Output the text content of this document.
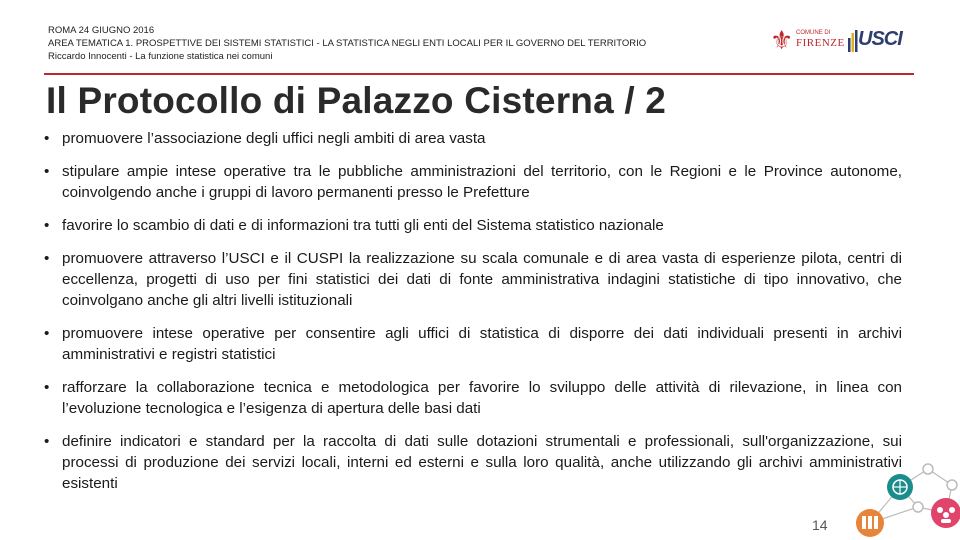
ROMA 24 GIUGNO 2016
AREA TEMATICA 1. PROSPETTIVE DEI SISTEMI STATISTICI - LA STATISTICA NEGLI ENTI LOCALI PER IL GOVERNO DEL TERRITORIO
Riccardo Innocenti - La funzione statistica nei comuni
⚜ COMUNE DI
FIRENZE USCI
Il Protocollo di Palazzo Cisterna / 2
• promuovere l’associazione degli uffici negli ambiti di area vasta
• stipulare ampie intese operative tra le pubbliche amministrazioni del territorio, con le Regioni e le Province autonome, coinvolgendo anche i gruppi di lavoro permanenti presso le Prefetture
• favorire lo scambio di dati e di informazioni tra tutti gli enti del Sistema statistico nazionale
• promuovere attraverso l’USCI e il CUSPI la realizzazione su scala comunale e di area vasta di esperienze pilota, centri di eccellenza, progetti di uso per fini statistici dei dati di fonte amministrativa indagini statistiche di tipo innovativo, che coinvolgano anche gli altri livelli istituzionali
• promuovere intese operative per consentire agli uffici di statistica di disporre dei dati individuali presenti in archivi amministrativi e registri statistici
• rafforzare la collaborazione tecnica e metodologica per favorire lo sviluppo delle attività di rilevazione, in linea con l’evoluzione tecnologica e l’esigenza di apertura delle basi dati
• definire indicatori e standard per la raccolta di dati sulle dotazioni strumentali e professionali, sull'organizzazione, sui processi di produzione dei servizi locali, interni ed esterni e sulla loro qualità, anche utilizzando gli archivi amministrativi esistenti
14
